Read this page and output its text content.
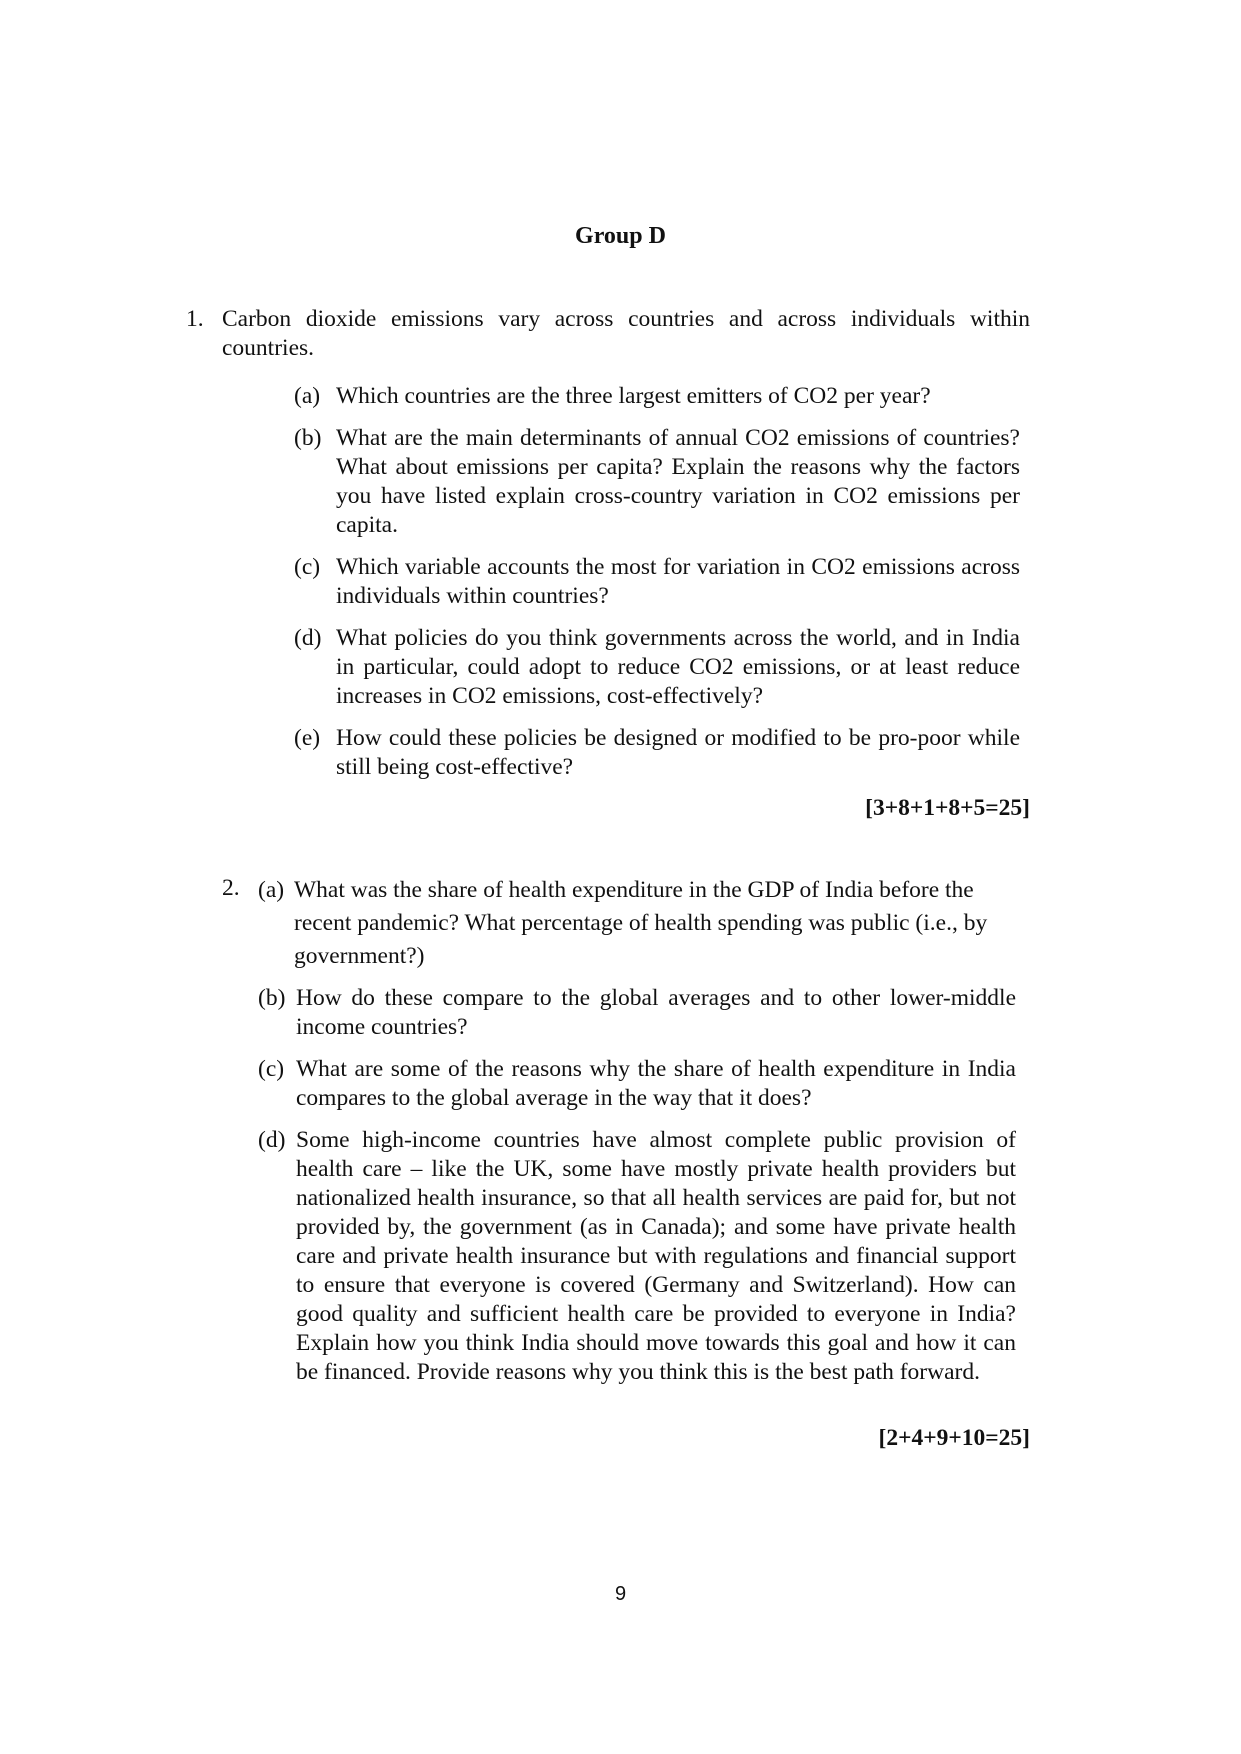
Group D
1. Carbon dioxide emissions vary across countries and across individuals within countries.
(a) Which countries are the three largest emitters of CO2 per year?
(b) What are the main determinants of annual CO2 emissions of countries? What about emissions per capita? Explain the reasons why the factors you have listed explain cross-country variation in CO2 emissions per capita.
(c) Which variable accounts the most for variation in CO2 emissions across individuals within countries?
(d) What policies do you think governments across the world, and in India in particular, could adopt to reduce CO2 emissions, or at least reduce increases in CO2 emissions, cost-effectively?
(e) How could these policies be designed or modified to be pro-poor while still being cost-effective?
[3+8+1+8+5=25]
2. (a) What was the share of health expenditure in the GDP of India before the recent pandemic? What percentage of health spending was public (i.e., by government?)
(b) How do these compare to the global averages and to other lower-middle income countries?
(c) What are some of the reasons why the share of health expenditure in India compares to the global average in the way that it does?
(d) Some high-income countries have almost complete public provision of health care – like the UK, some have mostly private health providers but nationalized health insurance, so that all health services are paid for, but not provided by, the government (as in Canada); and some have private health care and private health insurance but with regulations and financial support to ensure that everyone is covered (Germany and Switzerland). How can good quality and sufficient health care be provided to everyone in India? Explain how you think India should move towards this goal and how it can be financed. Provide reasons why you think this is the best path forward.
[2+4+9+10=25]
9
